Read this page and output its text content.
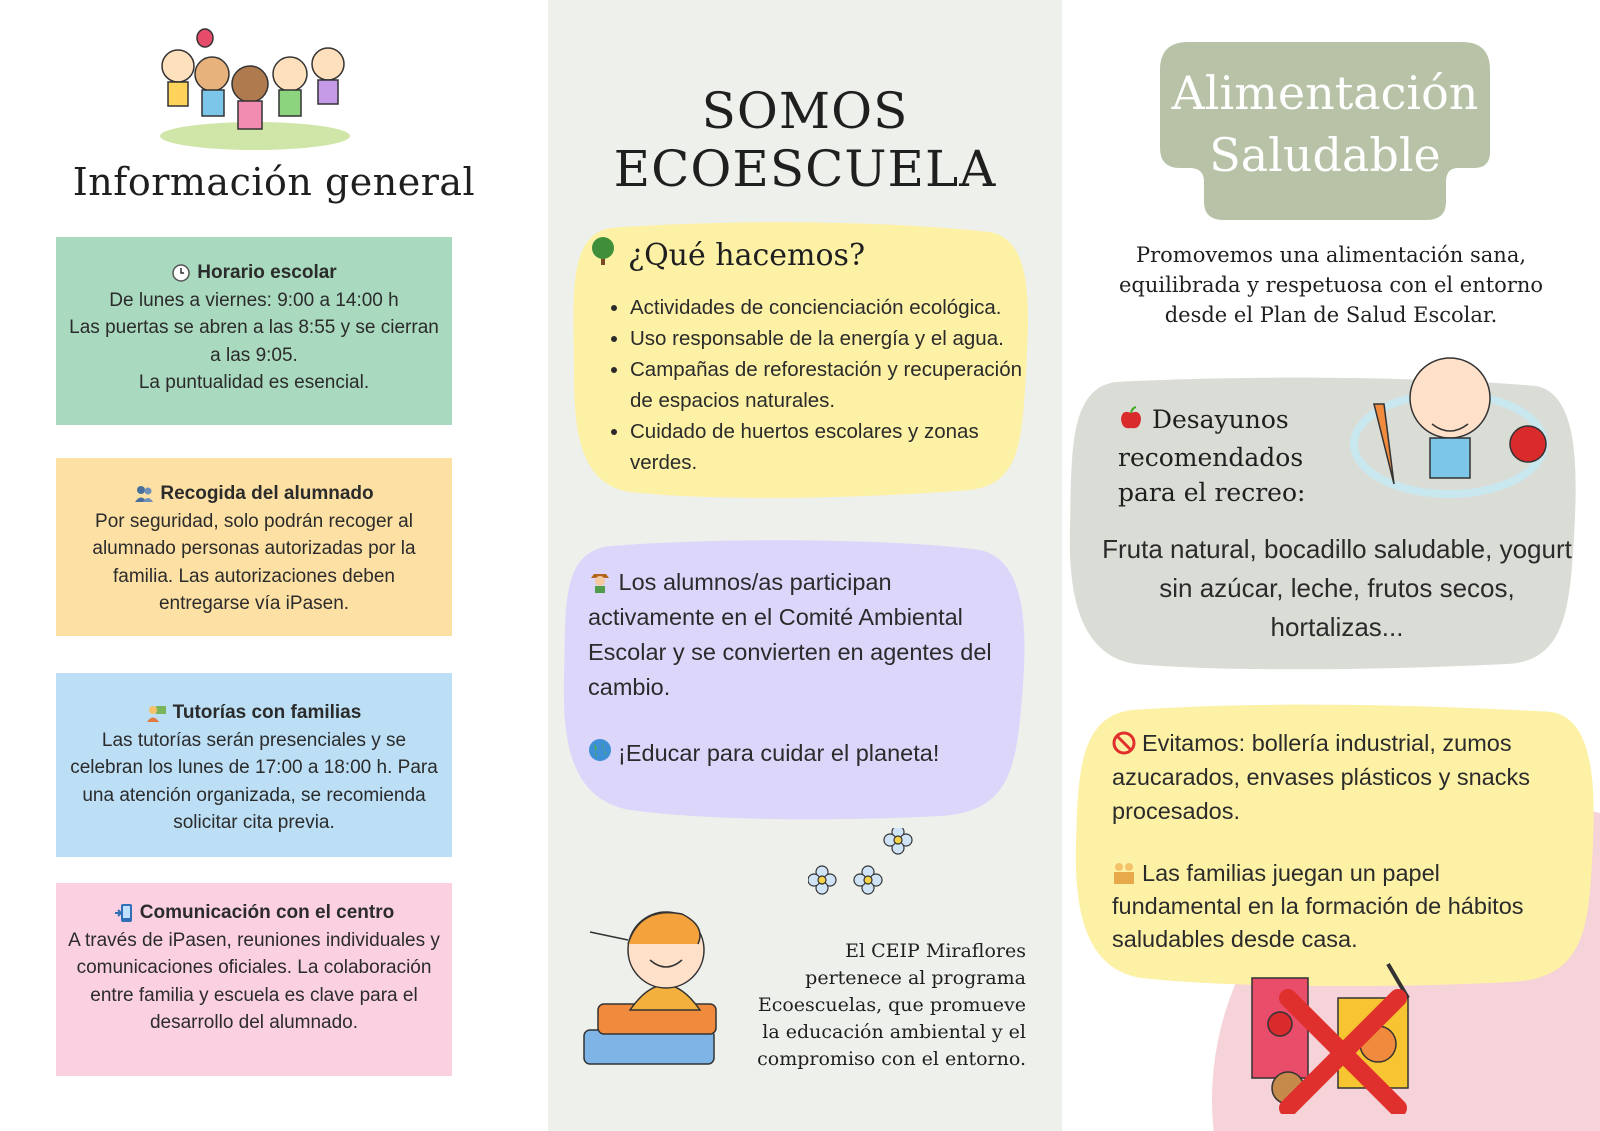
Información general
Horario escolar

De lunes a viernes: 9:00 a 14:00 h
Las puertas se abren a las 8:55 y se cierran a las 9:05.
La puntualidad es esencial.

Recogida del alumnado

Por seguridad, solo podrán recoger al alumnado personas autorizadas por la familia. Las autorizaciones deben entregarse vía iPasen.

Tutorías con familias

Las tutorías serán presenciales y se celebran los lunes de 17:00 a 18:00 h. Para una atención organizada, se recomienda solicitar cita previa.

Comunicación con el centro

A través de iPasen, reuniones individuales y comunicaciones oficiales. La colaboración entre familia y escuela es clave para el desarrollo del alumnado.

SOMOS ECOESCUELA
¿Qué hacemos?
• Actividades de concienciación ecológica.
• Uso responsable de la energía y el agua.
• Campañas de reforestación y recuperación de espacios naturales.
• Cuidado de huertos escolares y zonas verdes.
Los alumnos/as participan activamente en el Comité Ambiental Escolar y se convierten en agentes del cambio.
¡Educar para cuidar el planeta!
El CEIP Miraflores
pertenece al programa
Ecoescuelas, que promueve
la educación ambiental y el
compromiso con el entorno.
Alimentación
Saludable
Promovemos una alimentación sana,
equilibrada y respetuosa con el entorno
desde el Plan de Salud Escolar.
Desayunos recomendados para el recreo:
Fruta natural, bocadillo saludable, yogurt sin azúcar, leche, frutos secos, hortalizas...
Evitamos: bollería industrial, zumos azucarados, envases plásticos y snacks procesados.
Las familias juegan un papel fundamental en la formación de hábitos saludables desde casa.
